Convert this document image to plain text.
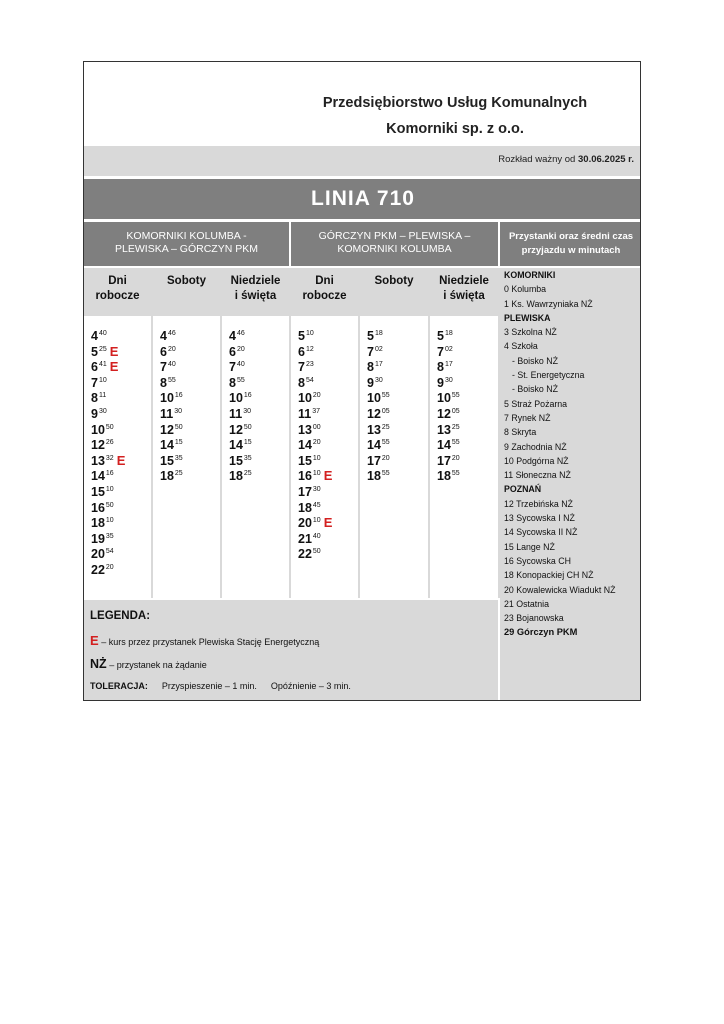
Przedsiębiorstwo Usług Komunalnych
Komorniki sp. z o.o.
Rozkład ważny od 30.06.2025 r.
LINIA 710
KOMORNIKI KOLUMBA -
PLEWISKA – GÓRCZYN PKM
GÓRCZYN PKM – PLEWISKA –
KOMORNIKI KOLUMBA
Przystanki oraz średni czas
przyjazdu w minutach
Dni
robocze
Soboty	Niedziele
i święta
$4^{40}$
$5^{25}$ E
$6^{41}$ E
$7^{10}$
$8^{11}$
$9^{30}$
$10^{50}$
$12^{26}$
$13^{32}$ E
$14^{16}$
$15^{10}$
$16^{50}$
$18^{10}$
$19^{35}$
$20^{54}$
$22^{20}$
$4^{46}$
$6^{20}$
$7^{40}$
$8^{55}$
$10^{16}$
$11^{30}$
$12^{50}$
$14^{15}$
$15^{35}$
$18^{25}$
$4^{46}$
$6^{20}$
$7^{40}$
$8^{55}$
$10^{16}$
$11^{30}$
$12^{50}$
$14^{15}$
$15^{35}$
$18^{25}$
Dni
robocze
Soboty	Niedziele
i święta
$5^{10}$
$6^{12}$
$7^{23}$
$8^{54}$
$10^{20}$
$11^{37}$
$13^{00}$
$14^{20}$
$15^{10}$
$16^{10}$ E
$17^{30}$
$18^{45}$
$20^{10}$ E
$21^{40}$
$22^{50}$
$5^{18}$
$7^{02}$
$8^{17}$
$9^{30}$
$10^{55}$
$12^{05}$
$13^{25}$
$14^{55}$
$17^{20}$
$18^{55}$
$5^{18}$
$7^{02}$
$8^{17}$
$9^{30}$
$10^{55}$
$12^{05}$
$13^{25}$
$14^{55}$
$17^{20}$
$18^{55}$
LEGENDA:
E – kurs przez przystanek Plewiska Stację Energetyczną
NŻ – przystanek na żądanie
TOLERACJA: Przyspieszenie – 1 min. Opóźnienie – 3 min.
KOMORNIKI
0 Kolumba
1 Ks. Wawrzyniaka NŻ
PLEWISKA
3 Szkolna NŻ
4 Szkoła
- Boisko NŻ
- St. Energetyczna
- Boisko NŻ
5 Straż Pożarna
7 Rynek NŻ
8 Skryta
9 Zachodnia NŻ
10 Podgórna NŻ
11 Słoneczna NŻ
POZNAŃ
12 Trzebińska NŻ
13 Sycowska I NŻ
14 Sycowska II NŻ
15 Lange NŻ
16 Sycowska CH
18 Konopackiej CH NŻ
20 Kowalewicka Wiadukt NŻ
21 Ostatnia
23 Bojanowska
29 Górczyn PKM
